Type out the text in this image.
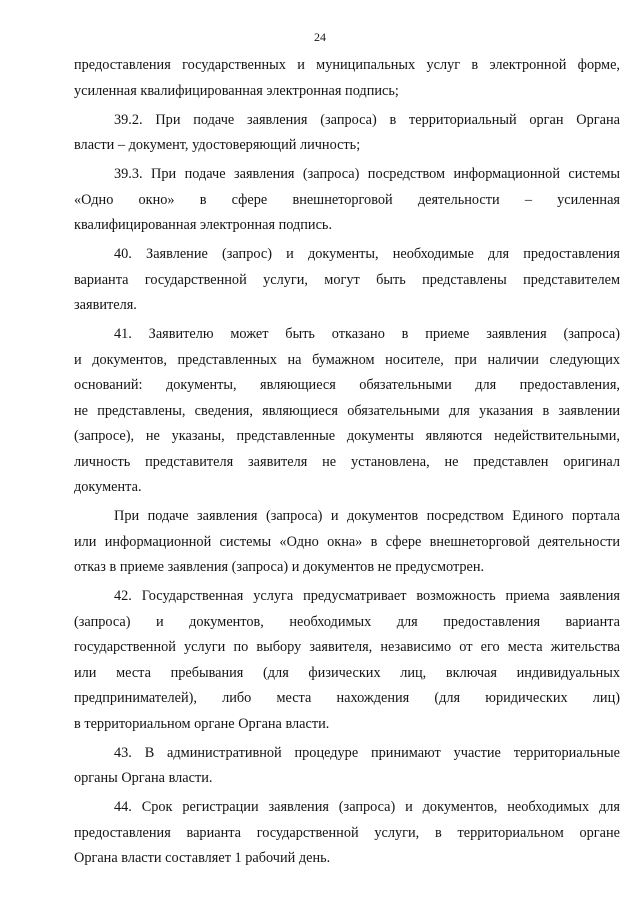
24
предоставления государственных и муниципальных услуг в электронной форме,
усиленная квалифицированная электронная подпись;
39.2. При подаче заявления (запроса) в территориальный орган Органа
власти – документ, удостоверяющий личность;
39.3. При подаче заявления (запроса) посредством информационной системы
«Одно окно» в сфере внешнеторговой деятельности – усиленная
квалифицированная электронная подпись.
40. Заявление (запрос) и документы, необходимые для предоставления
варианта государственной услуги, могут быть представлены представителем
заявителя.
41. Заявителю может быть отказано в приеме заявления (запроса)
и документов, представленных на бумажном носителе, при наличии следующих
оснований: документы, являющиеся обязательными для предоставления,
не представлены, сведения, являющиеся обязательными для указания в заявлении
(запросе), не указаны, представленные документы являются недействительными,
личность представителя заявителя не установлена, не представлен оригинал
документа.
При подаче заявления (запроса) и документов посредством Единого портала
или информационной системы «Одно окна» в сфере внешнеторговой деятельности
отказ в приеме заявления (запроса) и документов не предусмотрен.
42. Государственная услуга предусматривает возможность приема заявления
(запроса) и документов, необходимых для предоставления варианта
государственной услуги по выбору заявителя, независимо от его места жительства
или места пребывания (для физических лиц, включая индивидуальных
предпринимателей), либо места нахождения (для юридических лиц)
в территориальном органе Органа власти.
43. В административной процедуре принимают участие территориальные
органы Органа власти.
44. Срок регистрации заявления (запроса) и документов, необходимых для
предоставления варианта государственной услуги, в территориальном органе
Органа власти составляет 1 рабочий день.
